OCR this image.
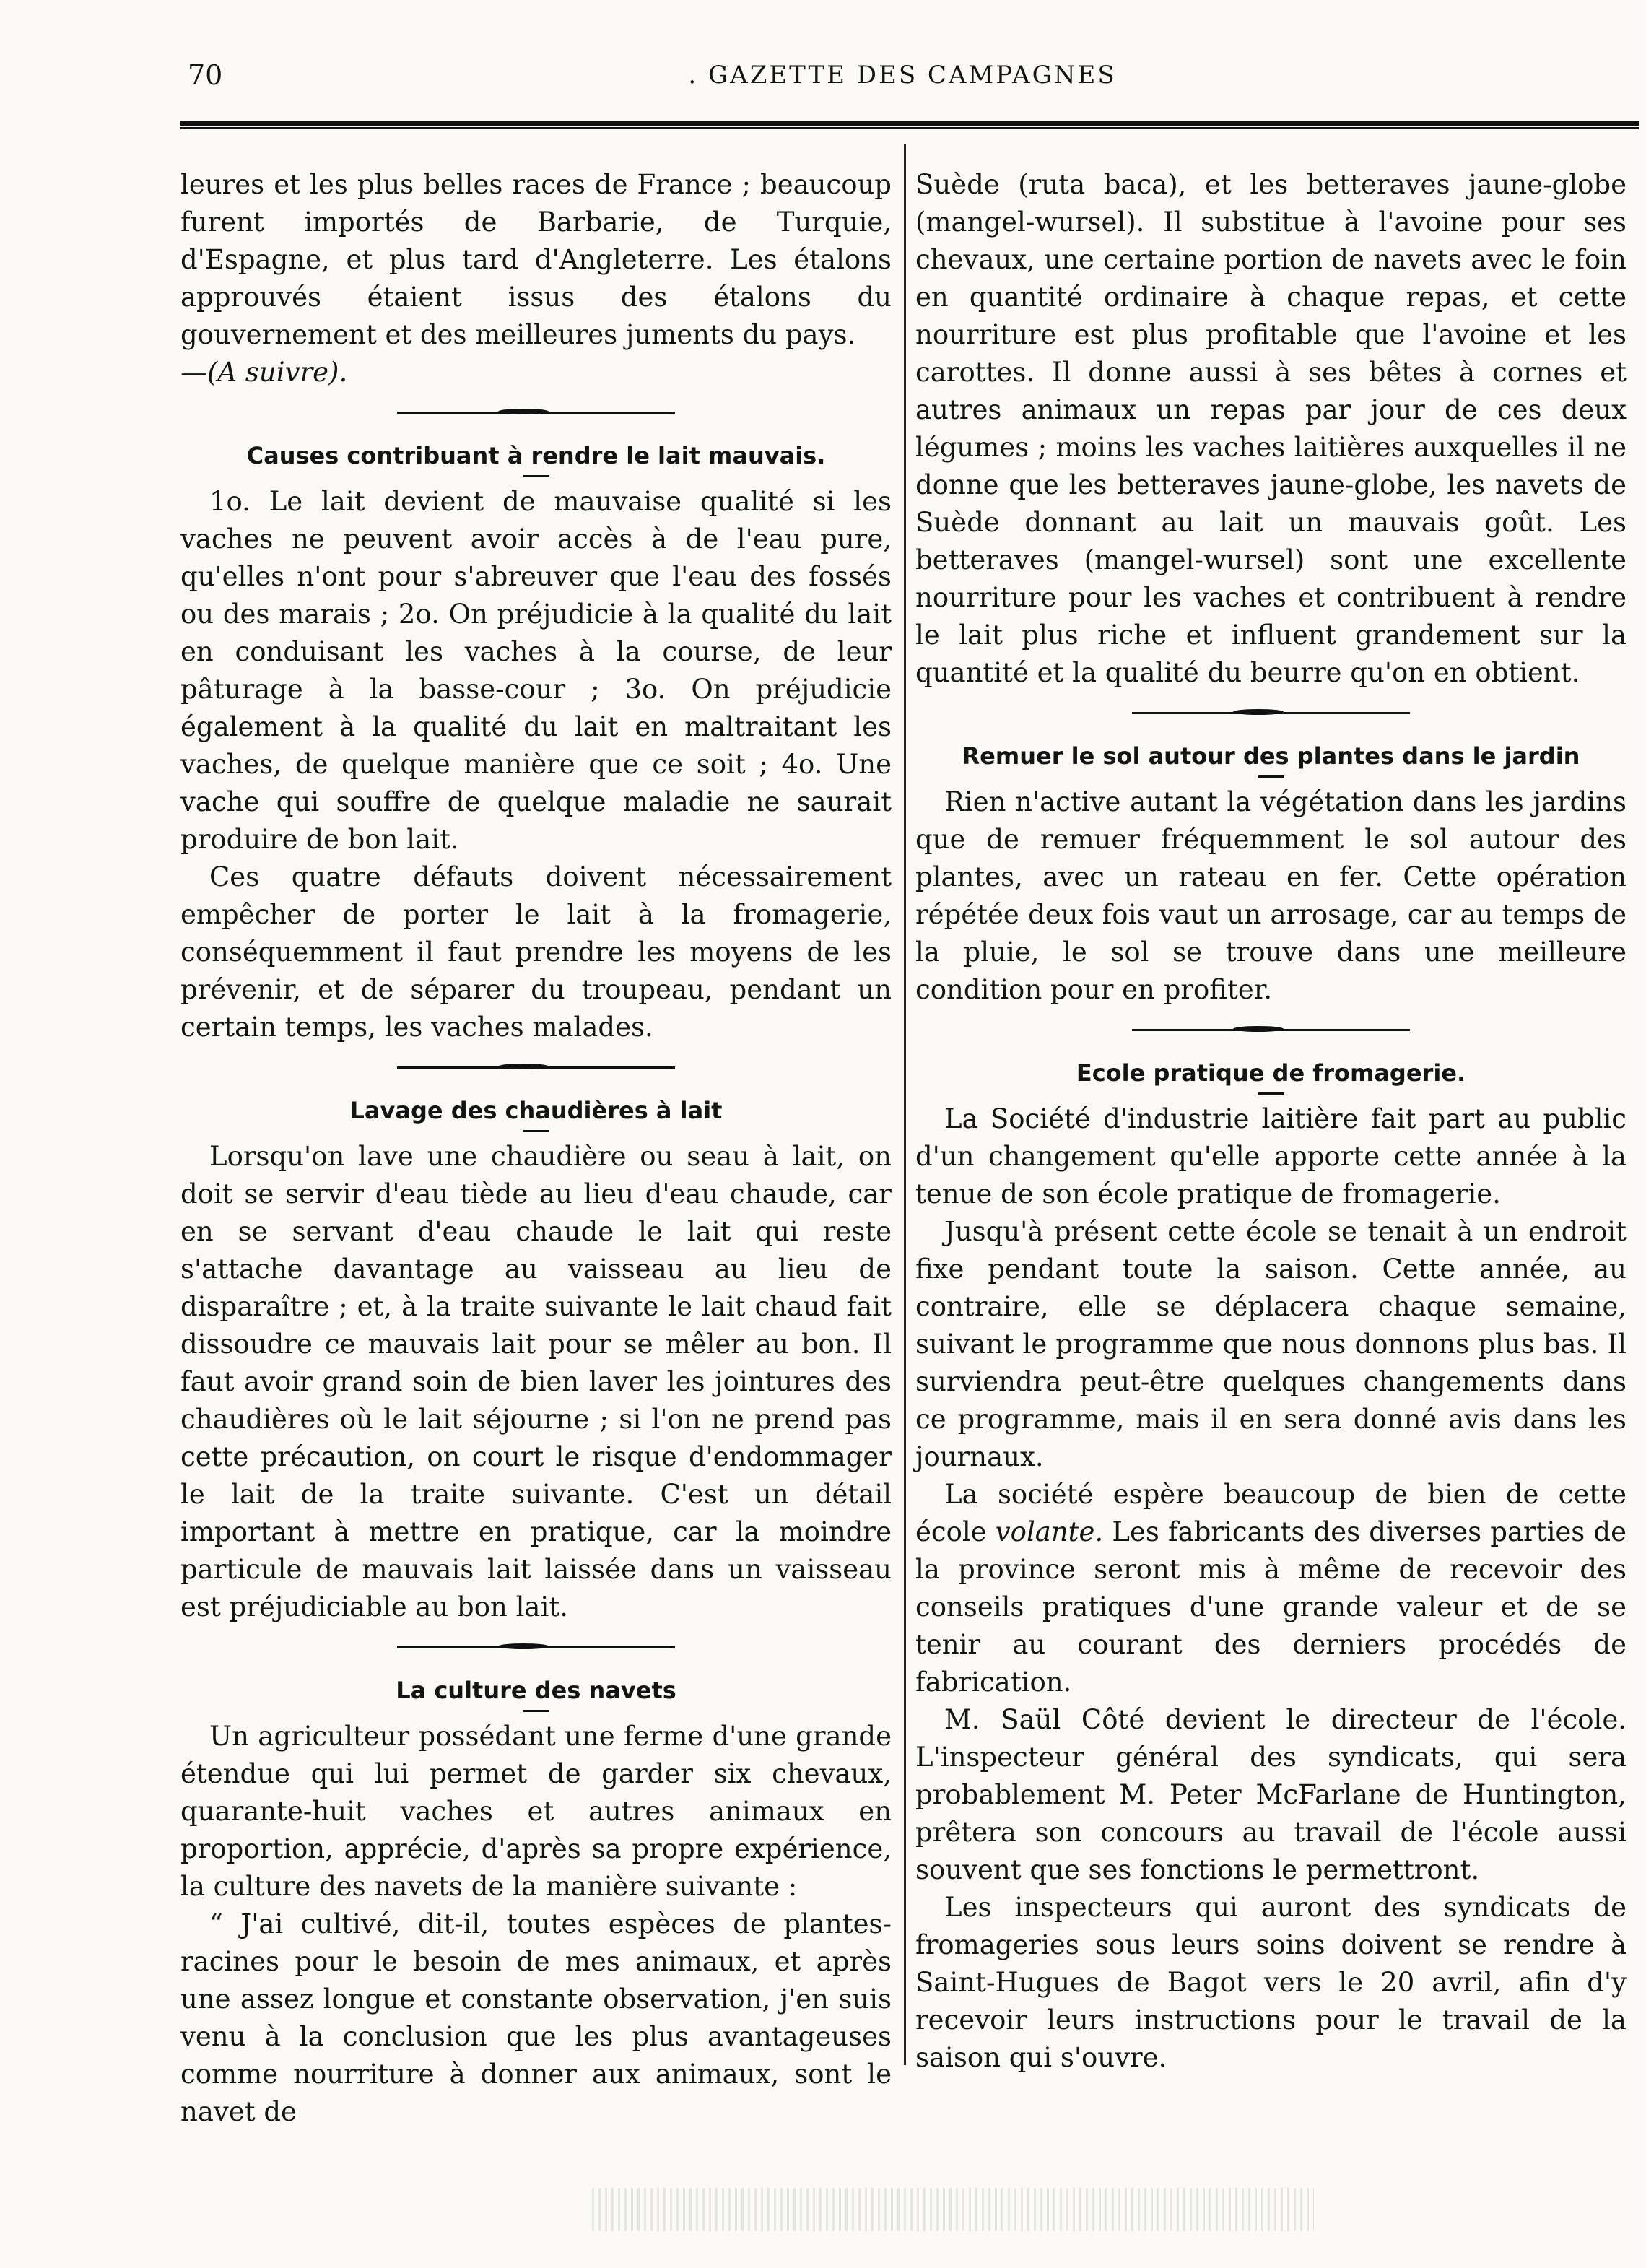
70	. GAZETTE DES CAMPAGNES

leures et les plus belles races de France ; beaucoup furent importés de Barbarie, de Turquie, d'Espagne, et plus tard d'Angleterre. Les étalons approuvés étaient issus des étalons du gouvernement et des meilleures juments du pays.

—(A suivre).

Causes contribuant à rendre le lait mauvais.

1o. Le lait devient de mauvaise qualité si les vaches ne peuvent avoir accès à de l'eau pure, qu'elles n'ont pour s'abreuver que l'eau des fossés ou des marais ; 2o. On préjudicie à la qualité du lait en conduisant les vaches à la course, de leur pâturage à la basse-cour ; 3o. On préjudicie également à la qualité du lait en maltraitant les vaches, de quelque manière que ce soit ; 4o. Une vache qui souffre de quelque maladie ne saurait produire de bon lait.

Ces quatre défauts doivent nécessairement empêcher de porter le lait à la fromagerie, conséquemment il faut prendre les moyens de les prévenir, et de séparer du troupeau, pendant un certain temps, les vaches malades.

Lavage des chaudières à lait

Lorsqu'on lave une chaudière ou seau à lait, on doit se servir d'eau tiède au lieu d'eau chaude, car en se servant d'eau chaude le lait qui reste s'attache davantage au vaisseau au lieu de disparaître ; et, à la traite suivante le lait chaud fait dissoudre ce mauvais lait pour se mêler au bon. Il faut avoir grand soin de bien laver les jointures des chaudières où le lait séjourne ; si l'on ne prend pas cette précaution, on court le risque d'endommager le lait de la traite suivante. C'est un détail important à mettre en pratique, car la moindre particule de mauvais lait laissée dans un vaisseau est préjudiciable au bon lait.

La culture des navets

Un agriculteur possédant une ferme d'une grande étendue qui lui permet de garder six chevaux, quarante-huit vaches et autres animaux en proportion, apprécie, d'après sa propre expérience, la culture des navets de la manière suivante :

“ J'ai cultivé, dit-il, toutes espèces de plantes-racines pour le besoin de mes animaux, et après une assez longue et constante observation, j'en suis venu à la conclusion que les plus avantageuses comme nourriture à donner aux animaux, sont le navet de

Suède (ruta baca), et les betteraves jaune-globe (mangel-wursel). Il substitue à l'avoine pour ses chevaux, une certaine portion de navets avec le foin en quantité ordinaire à chaque repas, et cette nourriture est plus profitable que l'avoine et les carottes. Il donne aussi à ses bêtes à cornes et autres animaux un repas par jour de ces deux légumes ; moins les vaches laitières auxquelles il ne donne que les betteraves jaune-globe, les navets de Suède donnant au lait un mauvais goût. Les betteraves (mangel-wursel) sont une excellente nourriture pour les vaches et contribuent à rendre le lait plus riche et influent grandement sur la quantité et la qualité du beurre qu'on en obtient.

Remuer le sol autour des plantes dans le jardin

Rien n'active autant la végétation dans les jardins que de remuer fréquemment le sol autour des plantes, avec un rateau en fer. Cette opération répétée deux fois vaut un arrosage, car au temps de la pluie, le sol se trouve dans une meilleure condition pour en profiter.

Ecole pratique de fromagerie.

La Société d'industrie laitière fait part au public d'un changement qu'elle apporte cette année à la tenue de son école pratique de fromagerie.

Jusqu'à présent cette école se tenait à un endroit fixe pendant toute la saison. Cette année, au contraire, elle se déplacera chaque semaine, suivant le programme que nous donnons plus bas. Il surviendra peut-être quelques changements dans ce programme, mais il en sera donné avis dans les journaux.

La société espère beaucoup de bien de cette école volante. Les fabricants des diverses parties de la province seront mis à même de recevoir des conseils pratiques d'une grande valeur et de se tenir au courant des derniers procédés de fabrication.

M. Saül Côté devient le directeur de l'école. L'inspecteur général des syndicats, qui sera probablement M. Peter McFarlane de Huntington, prêtera son concours au travail de l'école aussi souvent que ses fonctions le permettront.

Les inspecteurs qui auront des syndicats de fromageries sous leurs soins doivent se rendre à Saint-Hugues de Bagot vers le 20 avril, afin d'y recevoir leurs instructions pour le travail de la saison qui s'ouvre.
